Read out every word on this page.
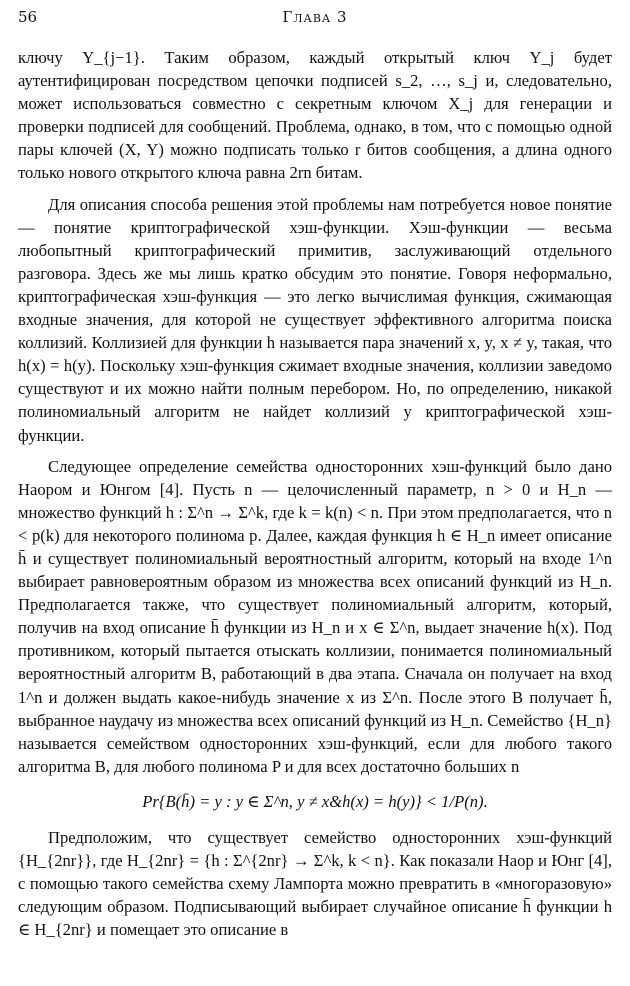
56	Глава 3

ключу Y_{j−1}. Таким образом, каждый открытый ключ Y_j будет аутентифицирован посредством цепочки подписей s_2, …, s_j и, следовательно, может использоваться совместно с секретным ключом X_j для генерации и проверки подписей для сообщений. Проблема, однако, в том, что с помощью одной пары ключей (X, Y) можно подписать только r битов сообщения, а длина одного только нового открытого ключа равна 2rn битам.

Для описания способа решения этой проблемы нам потребуется новое понятие — понятие криптографической хэш-функции. Хэш-функции — весьма любопытный криптографический примитив, заслуживающий отдельного разговора. Здесь же мы лишь кратко обсудим это понятие. Говоря неформально, криптографическая хэш-функция — это легко вычислимая функция, сжимающая входные значения, для которой не существует эффективного алгоритма поиска коллизий. Коллизией для функции h называется пара значений x, y, x ≠ y, такая, что h(x) = h(y). Поскольку хэш-функция сжимает входные значения, коллизии заведомо существуют и их можно найти полным перебором. Но, по определению, никакой полиномиальный алгоритм не найдет коллизий у криптографической хэш-функции.

Следующее определение семейства односторонних хэш-функций было дано Наором и Юнгом [4]. Пусть n — целочисленный параметр, n > 0 и H_n — множество функций h : Σ^n → Σ^k, где k = k(n) < n. При этом предполагается, что n < p(k) для некоторого полинома p. Далее, каждая функция h ∈ H_n имеет описание h̄ и существует полиномиальный вероятностный алгоритм, который на входе 1^n выбирает равновероятным образом из множества всех описаний функций из H_n. Предполагается также, что существует полиномиальный алгоритм, который, получив на вход описание h̄ функции из H_n и x ∈ Σ^n, выдает значение h(x). Под противником, который пытается отыскать коллизии, понимается полиномиальный вероятностный алгоритм B, работающий в два этапа. Сначала он получает на вход 1^n и должен выдать какое-нибудь значение x из Σ^n. После этого B получает h̄, выбранное наудачу из множества всех описаний функций из H_n. Семейство {H_n} называется семейством односторонних хэш-функций, если для любого такого алгоритма B, для любого полинома P и для всех достаточно больших n

Pr{B(h̄) = y : y ∈ Σ^n, y ≠ x&h(x) = h(y)} < 1/P(n).

Предположим, что существует семейство односторонних хэш-функций {H_{2nr}}, где H_{2nr} = {h : Σ^{2nr} → Σ^k, k < n}. Как показали Наор и Юнг [4], с помощью такого семейства схему Лампорта можно превратить в «многоразовую» следующим образом. Подписывающий выбирает случайное описание h̄ функции h ∈ H_{2nr} и помещает это описание в
